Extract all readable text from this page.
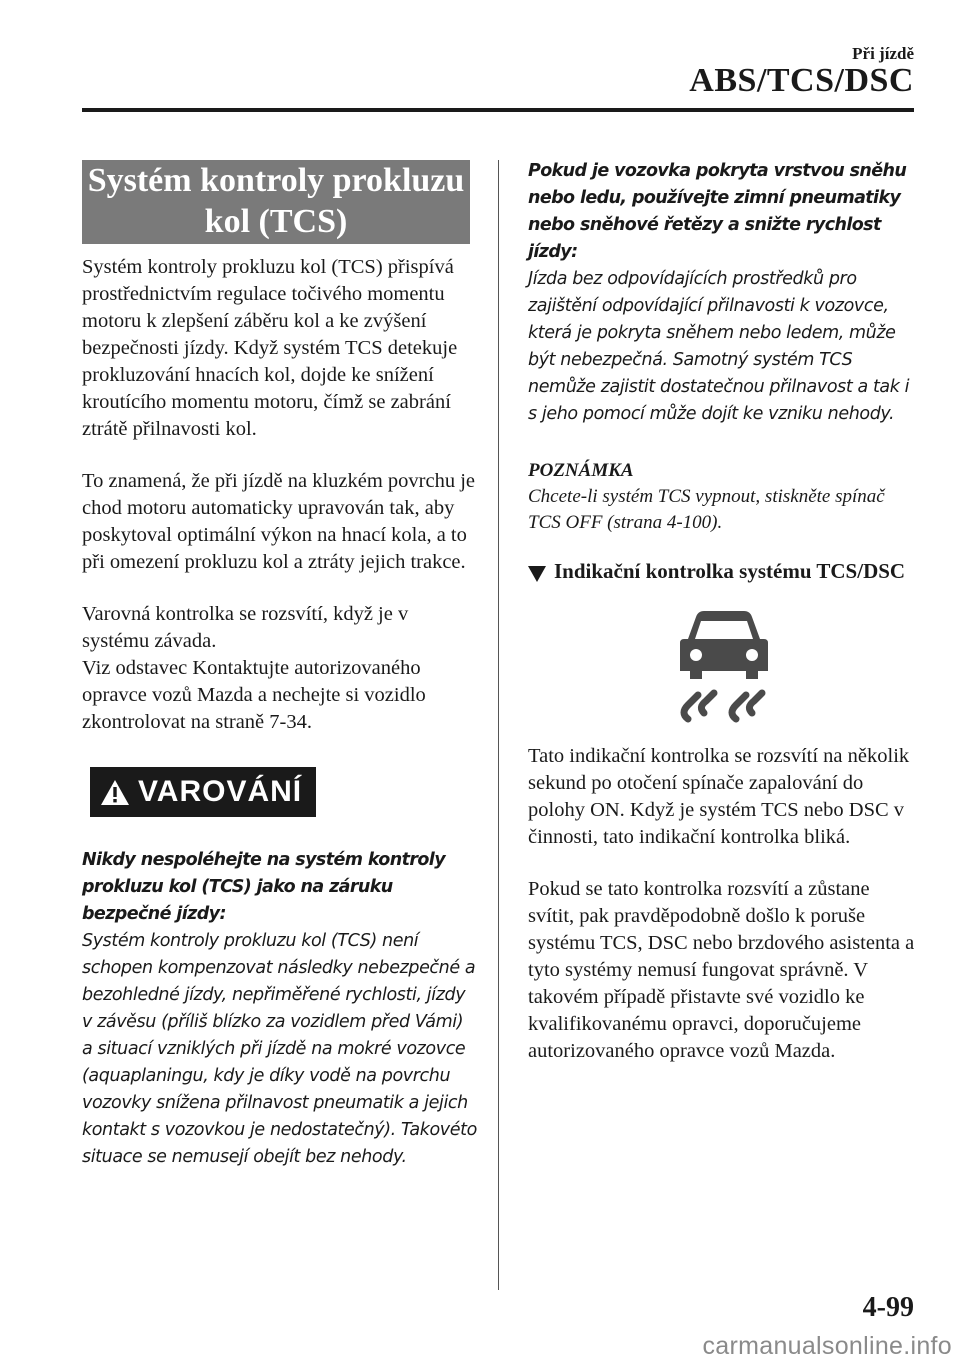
Při jízdě
ABS/TCS/DSC
Systém kontroly prokluzu
kol (TCS)

Systém kontroly prokluzu kol (TCS) přispívá prostřednictvím regulace točivého momentu motoru k zlepšení záběru kol a ke zvýšení bezpečnosti jízdy. Když systém TCS detekuje prokluzování hnacích kol, dojde ke snížení kroutícího momentu motoru, čímž se zabrání ztrátě přilnavosti kol.

To znamená, že při jízdě na kluzkém povrchu je chod motoru automaticky upravován tak, aby poskytoval optimální výkon na hnací kola, a to při omezení prokluzu kol a ztráty jejich trakce.

Varovná kontrolka se rozsvítí, když je v systému závada.

Viz odstavec Kontaktujte autorizovaného opravce vozů Mazda a nechejte si vozidlo zkontrolovat na straně 7-34.

VAROVÁNÍ

Nikdy nespoléhejte na systém kontroly prokluzu kol (TCS) jako na záruku bezpečné jízdy:

Systém kontroly prokluzu kol (TCS) není schopen kompenzovat následky nebezpečné a bezohledné jízdy, nepřiměřené rychlosti, jízdy v závěsu (příliš blízko za vozidlem před Vámi) a situací vzniklých při jízdě na mokré vozovce (aquaplaningu, kdy je díky vodě na povrchu vozovky snížena přilnavost pneumatik a jejich kontakt s vozovkou je nedostatečný). Takovéto situace se nemusejí obejít bez nehody.

Pokud je vozovka pokryta vrstvou sněhu nebo ledu, používejte zimní pneumatiky nebo sněhové řetězy a snižte rychlost jízdy:

Jízda bez odpovídajících prostředků pro zajištění odpovídající přilnavosti k vozovce, která je pokryta sněhem nebo ledem, může být nebezpečná. Samotný systém TCS nemůže zajistit dostatečnou přilnavost a tak i s jeho pomocí může dojít ke vzniku nehody.

POZNÁMKA

Chcete-li systém TCS vypnout, stiskněte spínač TCS OFF (strana 4-100).

Indikační kontrolka systému TCS/DSC

Tato indikační kontrolka se rozsvítí na několik sekund po otočení spínače zapalování do polohy ON. Když je systém TCS nebo DSC v činnosti, tato indikační kontrolka bliká.

Pokud se tato kontrolka rozsvítí a zůstane svítit, pak pravděpodobně došlo k poruše systému TCS, DSC nebo brzdového asistenta a tyto systémy nemusí fungovat správně. V takovém případě přistavte své vozidlo ke kvalifikovanému opravci, doporučujeme autorizovaného opravce vozů Mazda.

4-99
carmanualsonline.info
